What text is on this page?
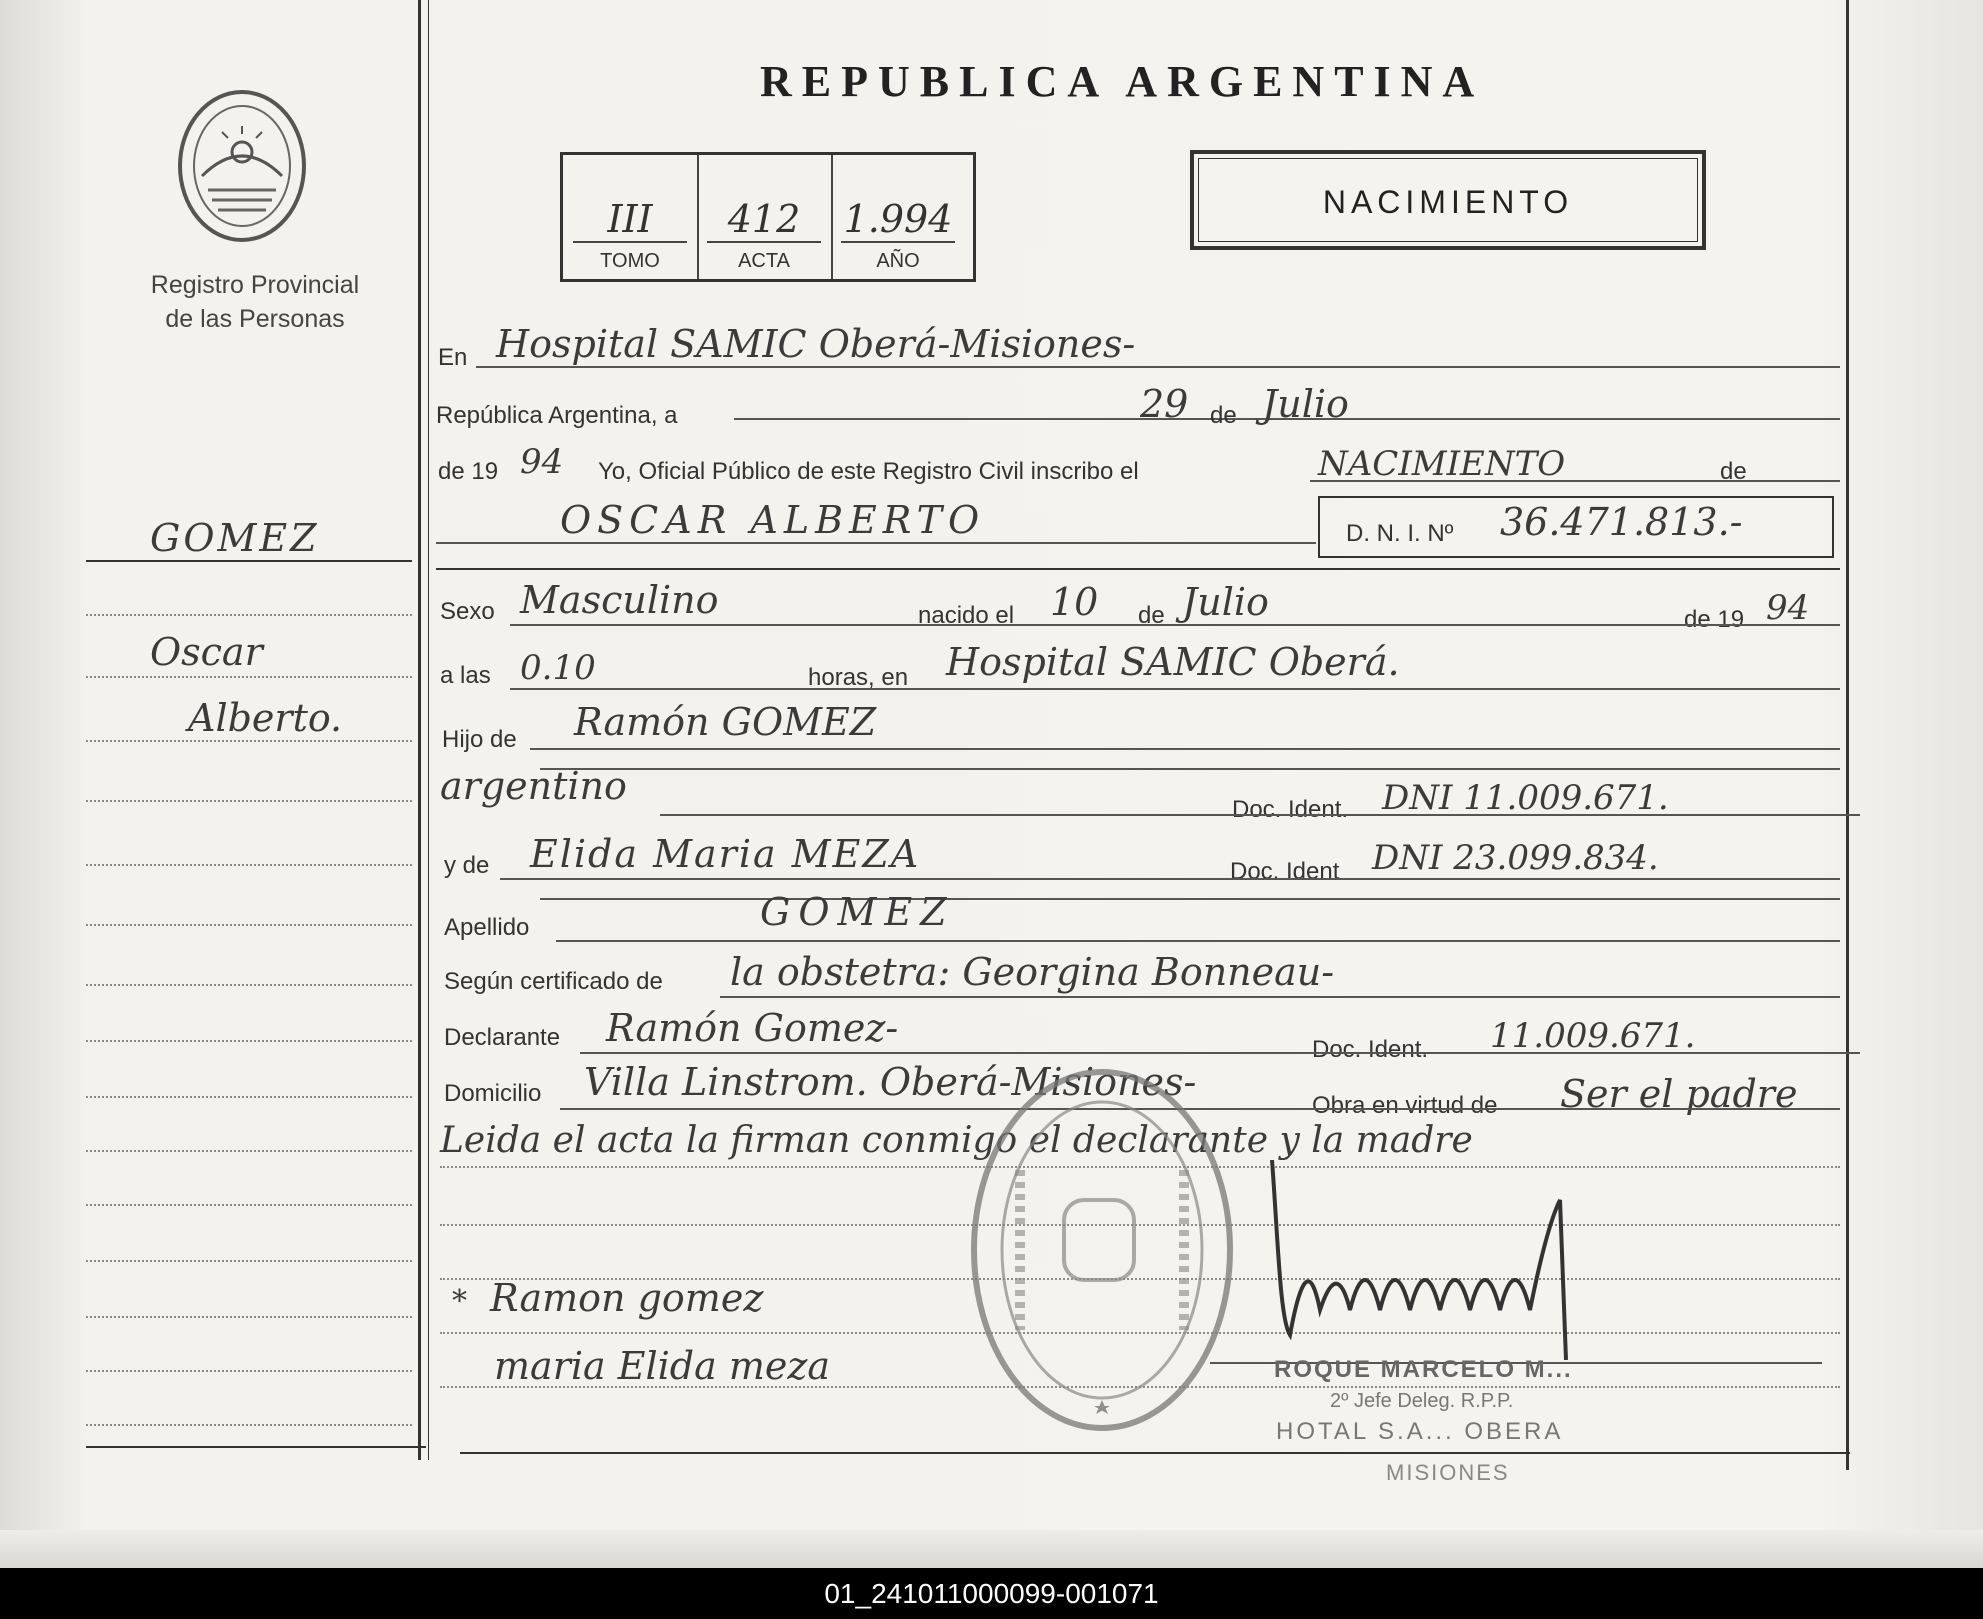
Registro Provincial
de las Personas
REPUBLICA ARGENTINA
III
TOMO
412
ACTA
1.994
AÑO
NACIMIENTO
GOMEZ
Oscar
Alberto.
En Hospital SAMIC Oberá-Misiones-
República Argentina, a	29 de Julio
de 19 94 Yo, Oficial Público de este Registro Civil inscribo el	NACIMIENTO	de
OSCAR ALBERTO	D. N. I. Nº 36.471.813.-
Sexo Masculino	nacido el 10 de Julio	de 19 94
a las 0.10	horas, en Hospital SAMIC Oberá.
Hijo de Ramón GOMEZ
argentino
Doc. Ident. DNI 11.009.671.
y de Elida Maria MEZA	Doc. Ident DNI 23.099.834.
Apellido	GOMEZ
Según certificado de la obstetra: Georgina Bonneau-
Declarante Ramón Gomez-	Doc. Ident. 11.009.671.
Domicilio Villa Linstrom. Oberá-Misiones-
Obra en virtud de Ser el padre
Leida el acta la firman conmigo el declarante y la madre
Ramon gomez
maria Elida meza
*
ROQUE MARCELO M...
2º Jefe Deleg. R.P.P.
HOTAL S.A... OBERA
MISIONES
01_241011000099-001071
